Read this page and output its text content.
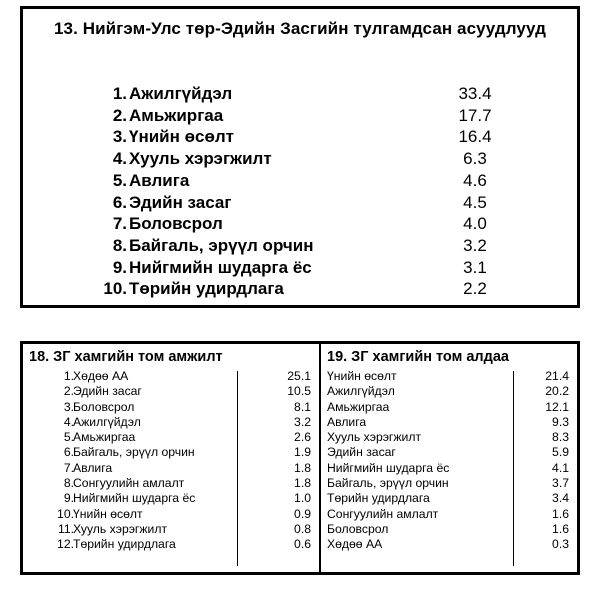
13. Нийгэм-Улс төр-Эдийн Засгийн тулгамдсан асуудлууд
1. Ажилгүйдэл	33.4
2. Амьжиргаа	17.7
3. Үнийн өсөлт	16.4
4. Хууль хэрэгжилт	6.3
5. Авлига	4.6
6. Эдийн засаг	4.5
7. Боловсрол	4.0
8. Байгаль, эрүүл орчин	3.2
9. Нийгмийн шударга ёс	3.1
10. Төрийн удирдлага	2.2
18. ЗГ хамгийн том амжилт	19. ЗГ хамгийн том алдаа
1. Хөдөө АА	25.1
2. Эдийн засаг	10.5
3. Боловсрол	8.1
4. Ажилгүйдэл	3.2
5. Амьжиргаа	2.6
6. Байгаль, эрүүл орчин	1.9
7. Авлига	1.8
8. Сонгуулийн амлалт	1.8
9. Нийгмийн шударга ёс	1.0
10. Үнийн өсөлт	0.9
11. Хууль хэрэгжилт	0.8
12. Төрийн удирдлага	0.6
Үнийн өсөлт	21.4
Ажилгүйдэл	20.2
Амьжиргаа	12.1
Авлига	9.3
Хууль хэрэгжилт	8.3
Эдийн засаг	5.9
Нийгмийн шударга ёс	4.1
Байгаль, эрүүл орчин	3.7
Төрийн удирдлага	3.4
Сонгуулийн амлалт	1.6
Боловсрол	1.6
Хөдөө АА	0.3
